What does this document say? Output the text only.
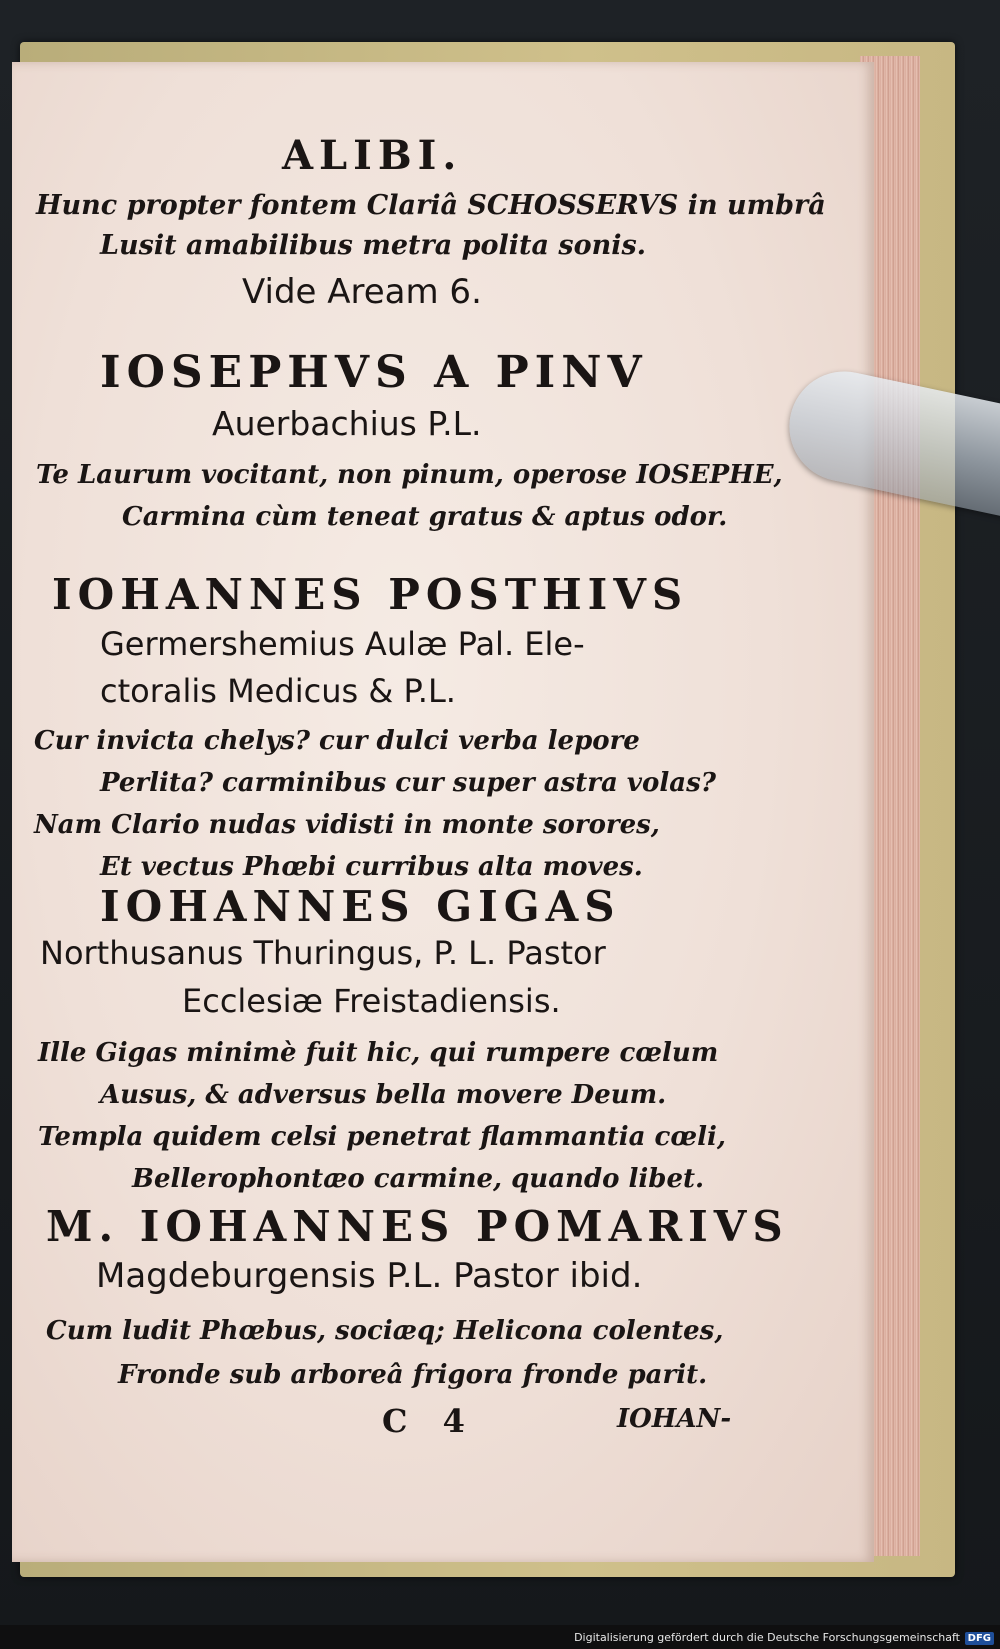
ALIBI.
Hunc propter fontem Clariâ SCHOSSERVS in umbrâ
Lusit amabilibus metra polita sonis.
Vide Aream 6.
IOSEPHVS A PINV
Auerbachius P.L.
Te Laurum vocitant, non pinum, operose IOSEPHE,
Carmina cùm teneat gratus & aptus odor.
IOHANNES POSTHIVS
Germershemius Aulæ Pal. Ele-
ctoralis Medicus & P.L.
Cur invicta chelys? cur dulci verba lepore
Perlita? carminibus cur super astra volas?
Nam Clario nudas vidisti in monte sorores,
Et vectus Phœbi curribus alta moves.
IOHANNES GIGAS
Northusanus Thuringus, P. L. Pastor
Ecclesiæ Freistadiensis.
Ille Gigas minimè fuit hic, qui rumpere cœlum
Ausus, & adversus bella movere Deum.
Templa quidem celsi penetrat flammantia cœli,
Bellerophontæo carmine, quando libet.
M. IOHANNES POMARIVS
Magdeburgensis P.L. Pastor ibid.
Cum ludit Phœbus, sociæq; Helicona colentes,
Fronde sub arboreâ frigora fronde parit.
C 4	IOHAN-
Digitalisierung gefördert durch die Deutsche Forschungsgemeinschaft DFG
